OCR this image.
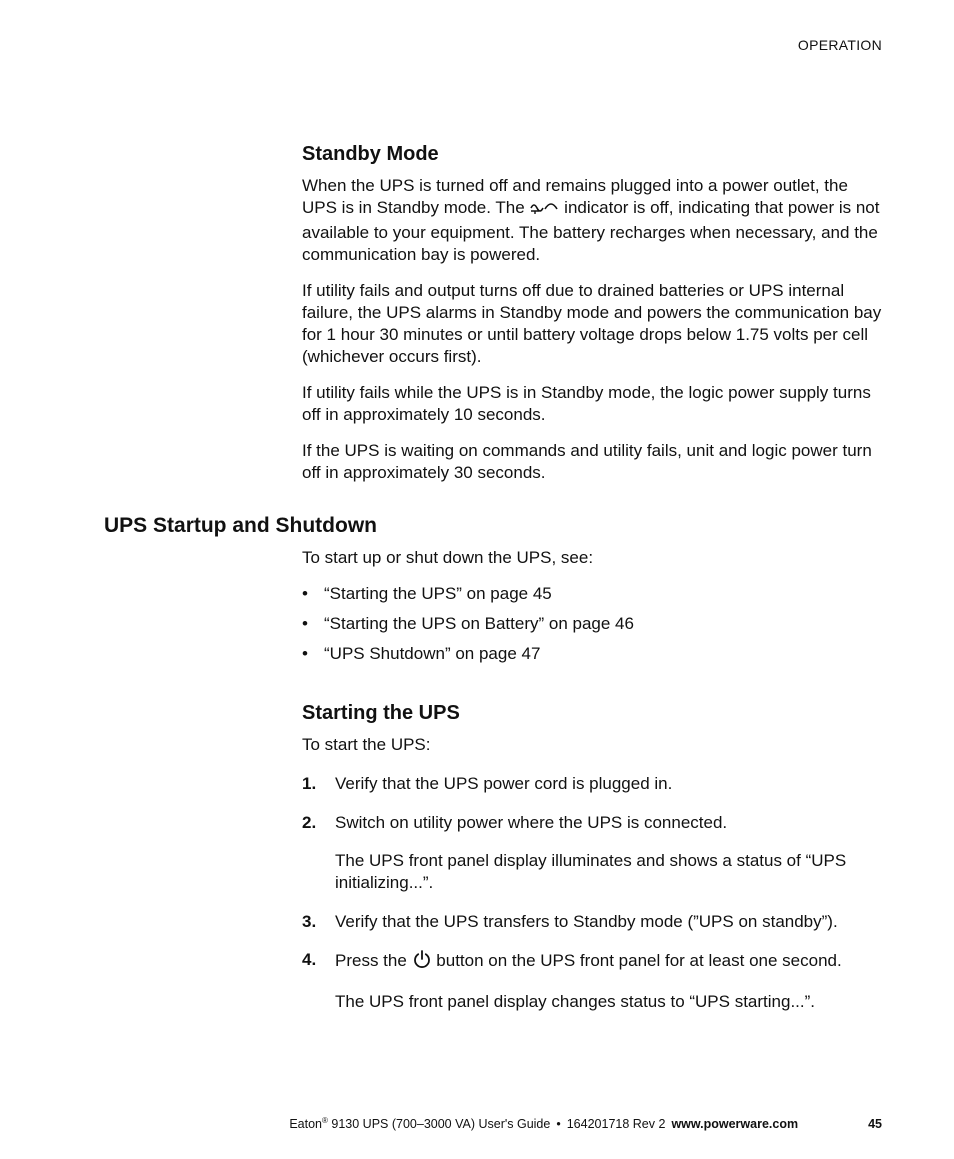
OPERATION
Standby Mode

When the UPS is turned off and remains plugged into a power outlet, the UPS is in Standby mode. The indicator is off, indicating that power is not available to your equipment. The battery recharges when necessary, and the communication bay is powered.

If utility fails and output turns off due to drained batteries or UPS internal failure, the UPS alarms in Standby mode and powers the communication bay for 1 hour 30 minutes or until battery voltage drops below 1.75 volts per cell (whichever occurs first).

If utility fails while the UPS is in Standby mode, the logic power supply turns off in approximately 10 seconds.

If the UPS is waiting on commands and utility fails, unit and logic power turn off in approximately 30 seconds.

UPS Startup and Shutdown

To start up or shut down the UPS, see:

• “Starting the UPS” on page 45
• “Starting the UPS on Battery” on page 46
• “UPS Shutdown” on page 47
Starting the UPS

To start the UPS:

1. Verify that the UPS power cord is plugged in.
2. Switch on utility power where the UPS is connected.
The UPS front panel display illuminates and shows a status of “UPS initializing...”.
3. Verify that the UPS transfers to Standby mode (”UPS on standby”).
4. Press the button on the UPS front panel for at least one second.
The UPS front panel display changes status to “UPS starting...”.
Eaton® 9130 UPS (700–3000 VA) User's Guide • 164201718 Rev 2 www.powerware.com	45
